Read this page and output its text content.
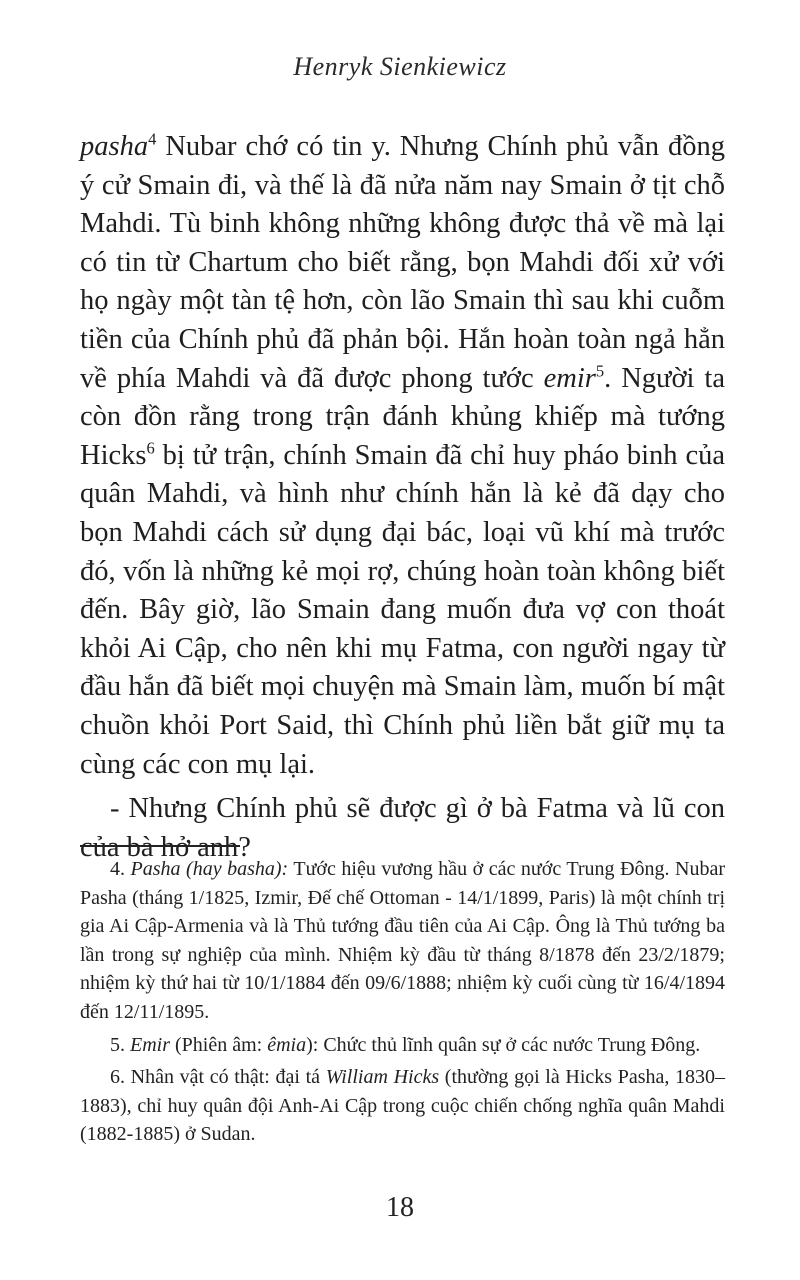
Henryk Sienkiewicz

pasha$^4$ Nubar chớ có tin y. Nhưng Chính phủ vẫn đồng ý cử Smain đi, và thế là đã nửa năm nay Smain ở tịt chỗ Mahdi. Tù binh không những không được thả về mà lại có tin từ Chartum cho biết rằng, bọn Mahdi đối xử với họ ngày một tàn tệ hơn, còn lão Smain thì sau khi cuỗm tiền của Chính phủ đã phản bội. Hắn hoàn toàn ngả hẳn về phía Mahdi và đã được phong tước emir$^5$. Người ta còn đồn rằng trong trận đánh khủng khiếp mà tướng Hicks$^6$ bị tử trận, chính Smain đã chỉ huy pháo binh của quân Mahdi, và hình như chính hắn là kẻ đã dạy cho bọn Mahdi cách sử dụng đại bác, loại vũ khí mà trước đó, vốn là những kẻ mọi rợ, chúng hoàn toàn không biết đến. Bây giờ, lão Smain đang muốn đưa vợ con thoát khỏi Ai Cập, cho nên khi mụ Fatma, con người ngay từ đầu hắn đã biết mọi chuyện mà Smain làm, muốn bí mật chuồn khỏi Port Said, thì Chính phủ liền bắt giữ mụ ta cùng các con mụ lại.

- Nhưng Chính phủ sẽ được gì ở bà Fatma và lũ con của bà hở anh?

4. Pasha (hay basha): Tước hiệu vương hầu ở các nước Trung Đông. Nubar Pasha (tháng 1/1825, Izmir, Đế chế Ottoman - 14/1/1899, Paris) là một chính trị gia Ai Cập-Armenia và là Thủ tướng đầu tiên của Ai Cập. Ông là Thủ tướng ba lần trong sự nghiệp của mình. Nhiệm kỳ đầu từ tháng 8/1878 đến 23/2/1879; nhiệm kỳ thứ hai từ 10/1/1884 đến 09/6/1888; nhiệm kỳ cuối cùng từ 16/4/1894 đến 12/11/1895.

5. Emir (Phiên âm: êmia): Chức thủ lĩnh quân sự ở các nước Trung Đông.

6. Nhân vật có thật: đại tá William Hicks (thường gọi là Hicks Pasha, 1830–1883), chỉ huy quân đội Anh-Ai Cập trong cuộc chiến chống nghĩa quân Mahdi (1882-1885) ở Sudan.

18
